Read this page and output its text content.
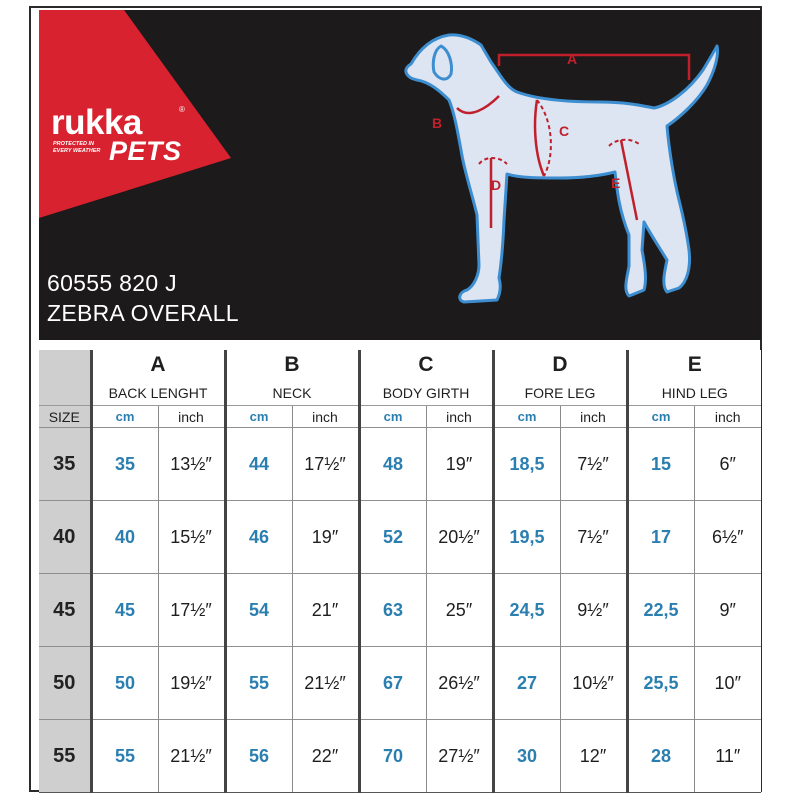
A
B	C
D	E
rukka	®
PROTECTED IN EVERY WEATHER PETS
60555 820 J
ZEBRA OVERALL
	A		B		C		D		E	
	BACK LENGHT		NECK		BODY GIRTH		FORE LEG		HIND LEG	
SIZE	cm	inch	cm	inch	cm	inch	cm	inch	cm	inch
35	35	13½″	44	17½″	48	19″	18,5	7½″	15	6″
40	40	15½″	46	19″	52	20½″	19,5	7½″	17	6½″
45	45	17½″	54	21″	63	25″	24,5	9½″	22,5	9″
50	50	19½″	55	21½″	67	26½″	27	10½″	25,5	10″
55	55	21½″	56	22″	70	27½″	30	12″	28	11″
